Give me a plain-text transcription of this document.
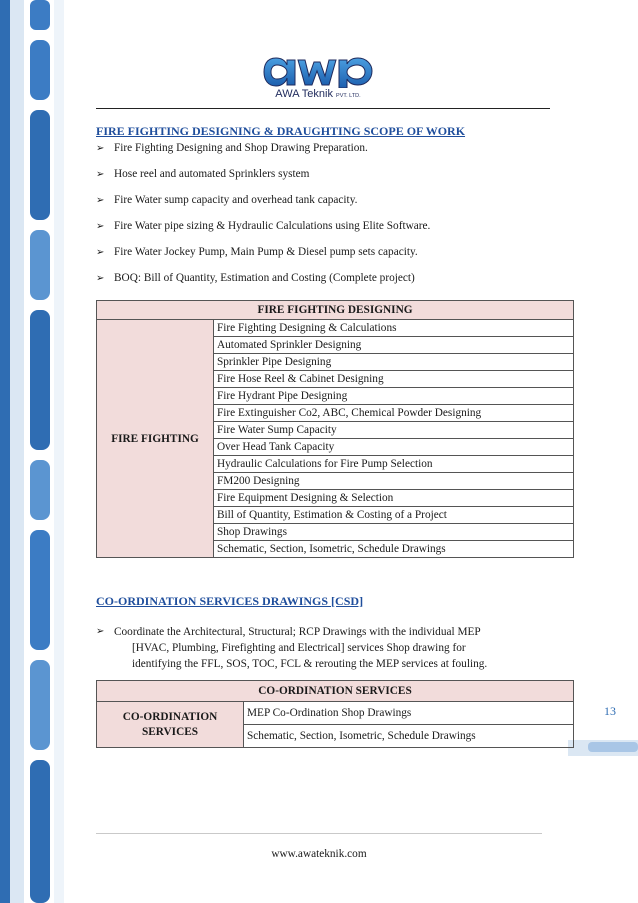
AWA Teknik PVT. LTD.
FIRE FIGHTING DESIGNING & DRAUGHTING SCOPE OF WORK
➢ Fire Fighting Designing and Shop Drawing Preparation.
➢ Hose reel and automated Sprinklers system
➢ Fire Water sump capacity and overhead tank capacity.
➢ Fire Water pipe sizing & Hydraulic Calculations using Elite Software.
➢ Fire Water Jockey Pump, Main Pump & Diesel pump sets capacity.
➢ BOQ: Bill of Quantity, Estimation and Costing (Complete project)
FIRE FIGHTING DESIGNING
FIRE FIGHTING	Fire Fighting Designing & Calculations
Automated Sprinkler Designing
Sprinkler Pipe Designing
Fire Hose Reel & Cabinet Designing
Fire Hydrant Pipe Designing
Fire Extinguisher Co2, ABC, Chemical Powder Designing
Fire Water Sump Capacity
Over Head Tank Capacity
Hydraulic Calculations for Fire Pump Selection
FM200 Designing
Fire Equipment Designing & Selection
Bill of Quantity, Estimation & Costing of a Project
Shop Drawings
Schematic, Section, Isometric, Schedule Drawings
CO-ORDINATION SERVICES DRAWINGS [CSD]
➢ Coordinate the Architectural, Structural; RCP Drawings with the individual MEP
[HVAC, Plumbing, Firefighting and Electrical] services Shop drawing for
identifying the FFL, SOS, TOC, FCL & rerouting the MEP services at fouling.
CO-ORDINATION SERVICES

CO-ORDINATION
SERVICES
	MEP Co-Ordination Shop Drawings
Schematic, Section, Isometric, Schedule Drawings
13
www.awateknik.com
